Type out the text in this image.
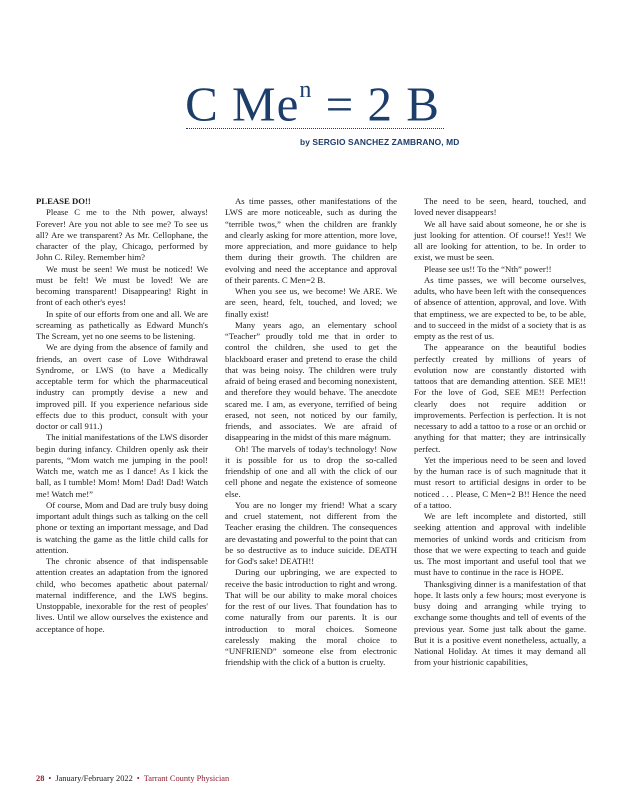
C $Me^n = 2$ B
by SERGIO SANCHEZ ZAMBRANO, MD

PLEASE DO!!

Please C me to the Nth power, always! Forever! Are you not able to see me? To see us all? Are we transparent? As Mr. Cellophane, the character of the play, Chicago, performed by John C. Riley. Remember him?

We must be seen! We must be noticed! We must be felt! We must be loved! We are becoming transparent! Disappearing! Right in front of each other's eyes!

In spite of our efforts from one and all. We are screaming as pathetically as Edward Munch's The Scream, yet no one seems to be listening.

We are dying from the absence of family and friends, an overt case of Love Withdrawal Syndrome, or LWS (to have a Medically acceptable term for which the pharmaceutical industry can promptly devise a new and improved pill. If you experience nefarious side effects due to this product, consult with your doctor or call 911.)

The initial manifestations of the LWS disorder begin during infancy. Children openly ask their parents, “Mom watch me jumping in the pool! Watch me, watch me as I dance! As I kick the ball, as I tumble! Mom! Mom! Dad! Dad! Watch me! Watch me!”

Of course, Mom and Dad are truly busy doing important adult things such as talking on the cell phone or texting an important message, and Dad is watching the game as the little child calls for attention.

The chronic absence of that indispensable attention creates an adaptation from the ignored child, who becomes apathetic about paternal/ maternal indifference, and the LWS begins. Unstoppable, inexorable for the rest of peoples' lives. Until we allow ourselves the existence and acceptance of hope.

As time passes, other manifestations of the LWS are more noticeable, such as during the “terrible twos,” when the children are frankly and clearly asking for more attention, more love, more appreciation, and more guidance to help them during their growth. The children are evolving and need the acceptance and approval of their parents. C Men=2 B.

When you see us, we become! We ARE. We are seen, heard, felt, touched, and loved; we finally exist!

Many years ago, an elementary school “Teacher” proudly told me that in order to control the children, she used to get the blackboard eraser and pretend to erase the child that was being noisy. The children were truly afraid of being erased and becoming nonexistent, and therefore they would behave. The anecdote scared me. I am, as everyone, terrified of being erased, not seen, not noticed by our family, friends, and associates. We are afraid of disappearing in the midst of this mare mágnum.

Oh! The marvels of today's technology! Now it is possible for us to drop the so-called friendship of one and all with the click of our cell phone and negate the existence of someone else.

You are no longer my friend! What a scary and cruel statement, not different from the Teacher erasing the children. The consequences are devastating and powerful to the point that can be so destructive as to induce suicide. DEATH for God's sake! DEATH!!

During our upbringing, we are expected to receive the basic introduction to right and wrong. That will be our ability to make moral choices for the rest of our lives. That foundation has to come naturally from our parents. It is our introduction to moral choices. Someone carelessly making the moral choice to “UNFRIEND” someone else from electronic friendship with the click of a button is cruelty.

The need to be seen, heard, touched, and loved never disappears!

We all have said about someone, he or she is just looking for attention. Of course!! Yes!! We all are looking for attention, to be. In order to exist, we must be seen.

Please see us!! To the “Nth” power!!

As time passes, we will become ourselves, adults, who have been left with the consequences of absence of attention, approval, and love. With that emptiness, we are expected to be, to be able, and to succeed in the midst of a society that is as empty as the rest of us.

The appearance on the beautiful bodies perfectly created by millions of years of evolution now are constantly distorted with tattoos that are demanding attention. SEE ME!! For the love of God, SEE ME!! Perfection clearly does not require addition or improvements. Perfection is perfection. It is not necessary to add a tattoo to a rose or an orchid or anything for that matter; they are intrinsically perfect.

Yet the imperious need to be seen and loved by the human race is of such magnitude that it must resort to artificial designs in order to be noticed . . . Please, C Men=2 B!! Hence the need of a tattoo.

We are left incomplete and distorted, still seeking attention and approval with indelible memories of unkind words and criticism from those that we were expecting to teach and guide us. The most important and useful tool that we must have to continue in the race is HOPE.

Thanksgiving dinner is a manifestation of that hope. It lasts only a few hours; most everyone is busy doing and arranging while trying to exchange some thoughts and tell of events of the previous year. Some just talk about the game. But it is a positive event nonetheless, actually, a National Holiday. At times it may demand all from your histrionic capabilities,

28 • January/February 2022 • Tarrant County Physician
